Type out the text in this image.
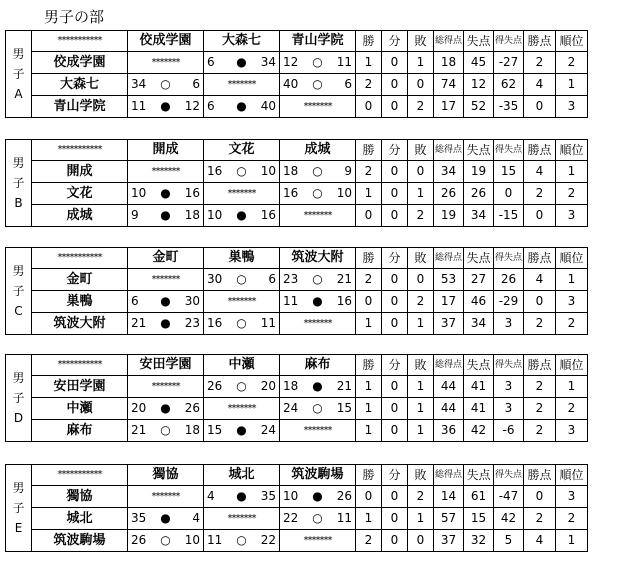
男子の部
男
子
A	***********	佼成学園	大森七	青山学院	勝	分	敗	総得点	失点	得失点	勝点	順位
	佼成学園	*******	6 ● 34	12 ○ 11	1	0	1	18	45	-27	2	2
	大森七	34 ○ 6	*******	40 ○ 6	2	0	0	74	12	62	4	1
	青山学院	11 ● 12	6 ● 40	*******	0	0	2	17	52	-35	0	3
男
子
B	***********	開成	文花	成城	勝	分	敗	総得点	失点	得失点	勝点	順位
	開成	*******	16 ○ 10	18 ○ 9	2	0	0	34	19	15	4	1
	文花	10 ● 16	*******	16 ○ 10	1	0	1	26	26	0	2	2
	成城	9 ● 18	10 ● 16	*******	0	0	2	19	34	-15	0	3
男
子
C	***********	金町	巣鴨	筑波大附	勝	分	敗	総得点	失点	得失点	勝点	順位
	金町	*******	30 ○ 6	23 ○ 21	2	0	0	53	27	26	4	1
	巣鴨	6 ● 30	*******	11 ● 16	0	0	2	17	46	-29	0	3
	筑波大附	21 ● 23	16 ○ 11	*******	1	0	1	37	34	3	2	2
男
子
D	***********	安田学園	中瀬	麻布	勝	分	敗	総得点	失点	得失点	勝点	順位
	安田学園	*******	26 ○ 20	18 ● 21	1	0	1	44	41	3	2	1
	中瀬	20 ● 26	*******	24 ○ 15	1	0	1	44	41	3	2	2
	麻布	21 ○ 18	15 ● 24	*******	1	0	1	36	42	-6	2	3
男
子
E	***********	獨協	城北	筑波駒場	勝	分	敗	総得点	失点	得失点	勝点	順位
	獨協	*******	4 ● 35	10 ● 26	0	0	2	14	61	-47	0	3
	城北	35 ● 4	*******	22 ○ 11	1	0	1	57	15	42	2	2
	筑波駒場	26 ○ 10	11 ○ 22	*******	2	0	0	37	32	5	4	1
